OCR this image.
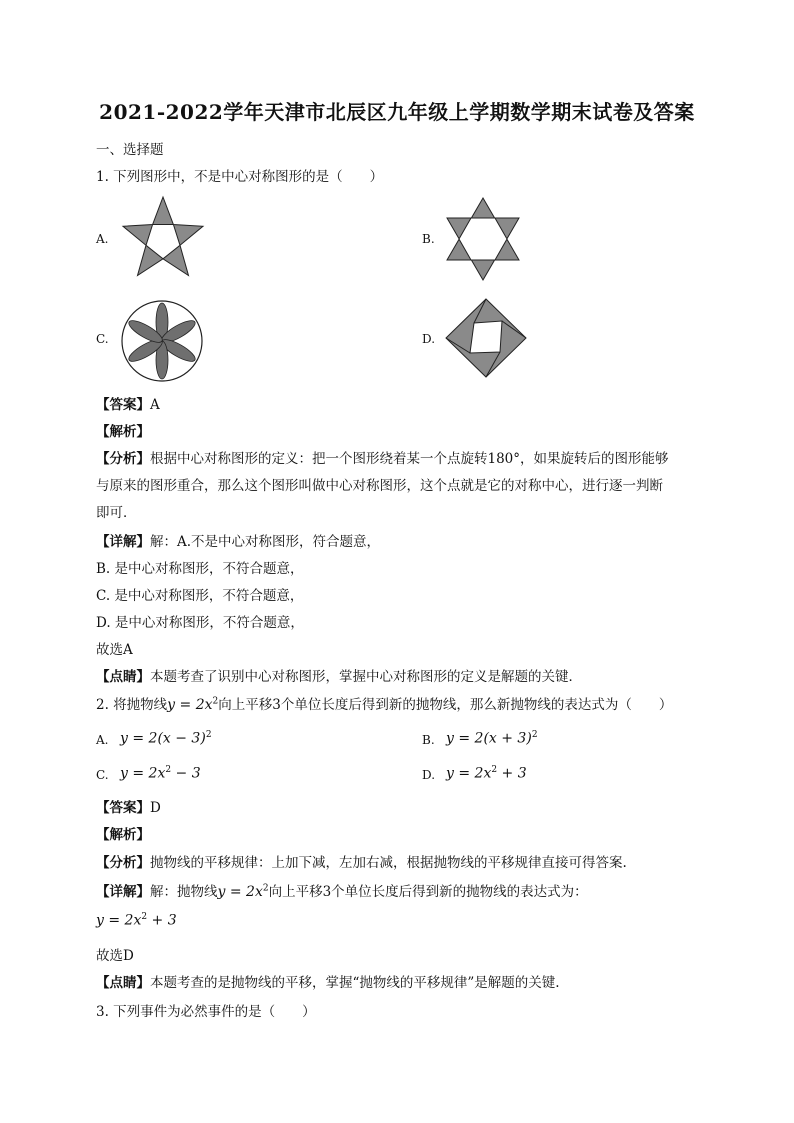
2021-2022学年天津市北辰区九年级上学期数学期末试卷及答案
一、选择题
1. 下列图形中，不是中心对称图形的是（　　）
A.	B.
C.	D.
【答案】A
【解析】
【分析】根据中心对称图形的定义：把一个图形绕着某一个点旋转180°，如果旋转后的图形能够
与原来的图形重合，那么这个图形叫做中心对称图形，这个点就是它的对称中心，进行逐一判断
即可．
【详解】解：A.不是中心对称图形，符合题意，
B. 是中心对称图形，不符合题意，
C. 是中心对称图形，不符合题意，
D. 是中心对称图形，不符合题意，
故选A
【点睛】本题考查了识别中心对称图形，掌握中心对称图形的定义是解题的关键．
2. 将抛物线$y = 2x^2$向上平移3个单位长度后得到新的抛物线，那么新抛物线的表达式为（　　）
A. $y = 2(x - 3)^2$	B. $y = 2(x + 3)^2$
C. $y = 2x^2 - 3$	D. $y = 2x^2 + 3$
【答案】D
【解析】
【分析】抛物线的平移规律：上加下减，左加右减，根据抛物线的平移规律直接可得答案.
【详解】解：抛物线$y = 2x^2$向上平移3个单位长度后得到新的抛物线的表达式为：
$y = 2x^2 + 3$
故选D
【点睛】本题考查的是抛物线的平移，掌握“抛物线的平移规律”是解题的关键.
3. 下列事件为必然事件的是（　　）
